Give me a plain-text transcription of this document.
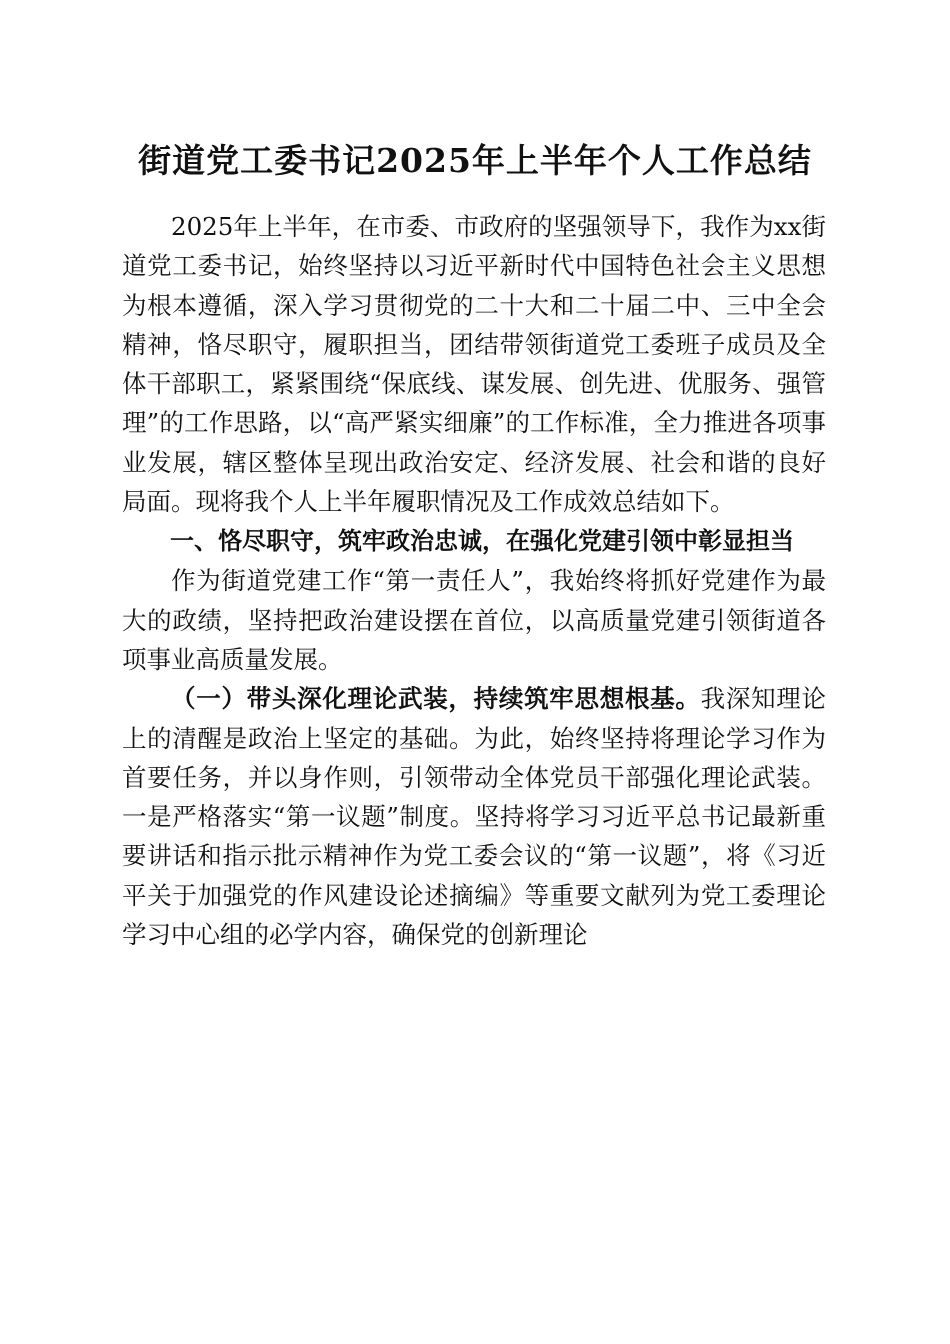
街道党工委书记2025年上半年个人工作总结

2025年上半年，在市委、市政府的坚强领导下，我作为xx街道党工委书记，始终坚持以习近平新时代中国特色社会主义思想为根本遵循，深入学习贯彻党的二十大和二十届二中、三中全会精神，恪尽职守，履职担当，团结带领街道党工委班子成员及全体干部职工，紧紧围绕“保底线、谋发展、创先进、优服务、强管理”的工作思路，以“高严紧实细廉”的工作标准，全力推进各项事业发展，辖区整体呈现出政治安定、经济发展、社会和谐的良好局面。现将我个人上半年履职情况及工作成效总结如下。

一、恪尽职守，筑牢政治忠诚，在强化党建引领中彰显担当

作为街道党建工作“第一责任人”，我始终将抓好党建作为最大的政绩，坚持把政治建设摆在首位，以高质量党建引领街道各项事业高质量发展。

（一）带头深化理论武装，持续筑牢思想根基。我深知理论上的清醒是政治上坚定的基础。为此，始终坚持将理论学习作为首要任务，并以身作则，引领带动全体党员干部强化理论武装。一是严格落实“第一议题”制度。坚持将学习习近平总书记最新重要讲话和指示批示精神作为党工委会议的“第一议题”，将《习近平关于加强党的作风建设论述摘编》等重要文献列为党工委理论学习中心组的必学内容，确保党的创新理论
